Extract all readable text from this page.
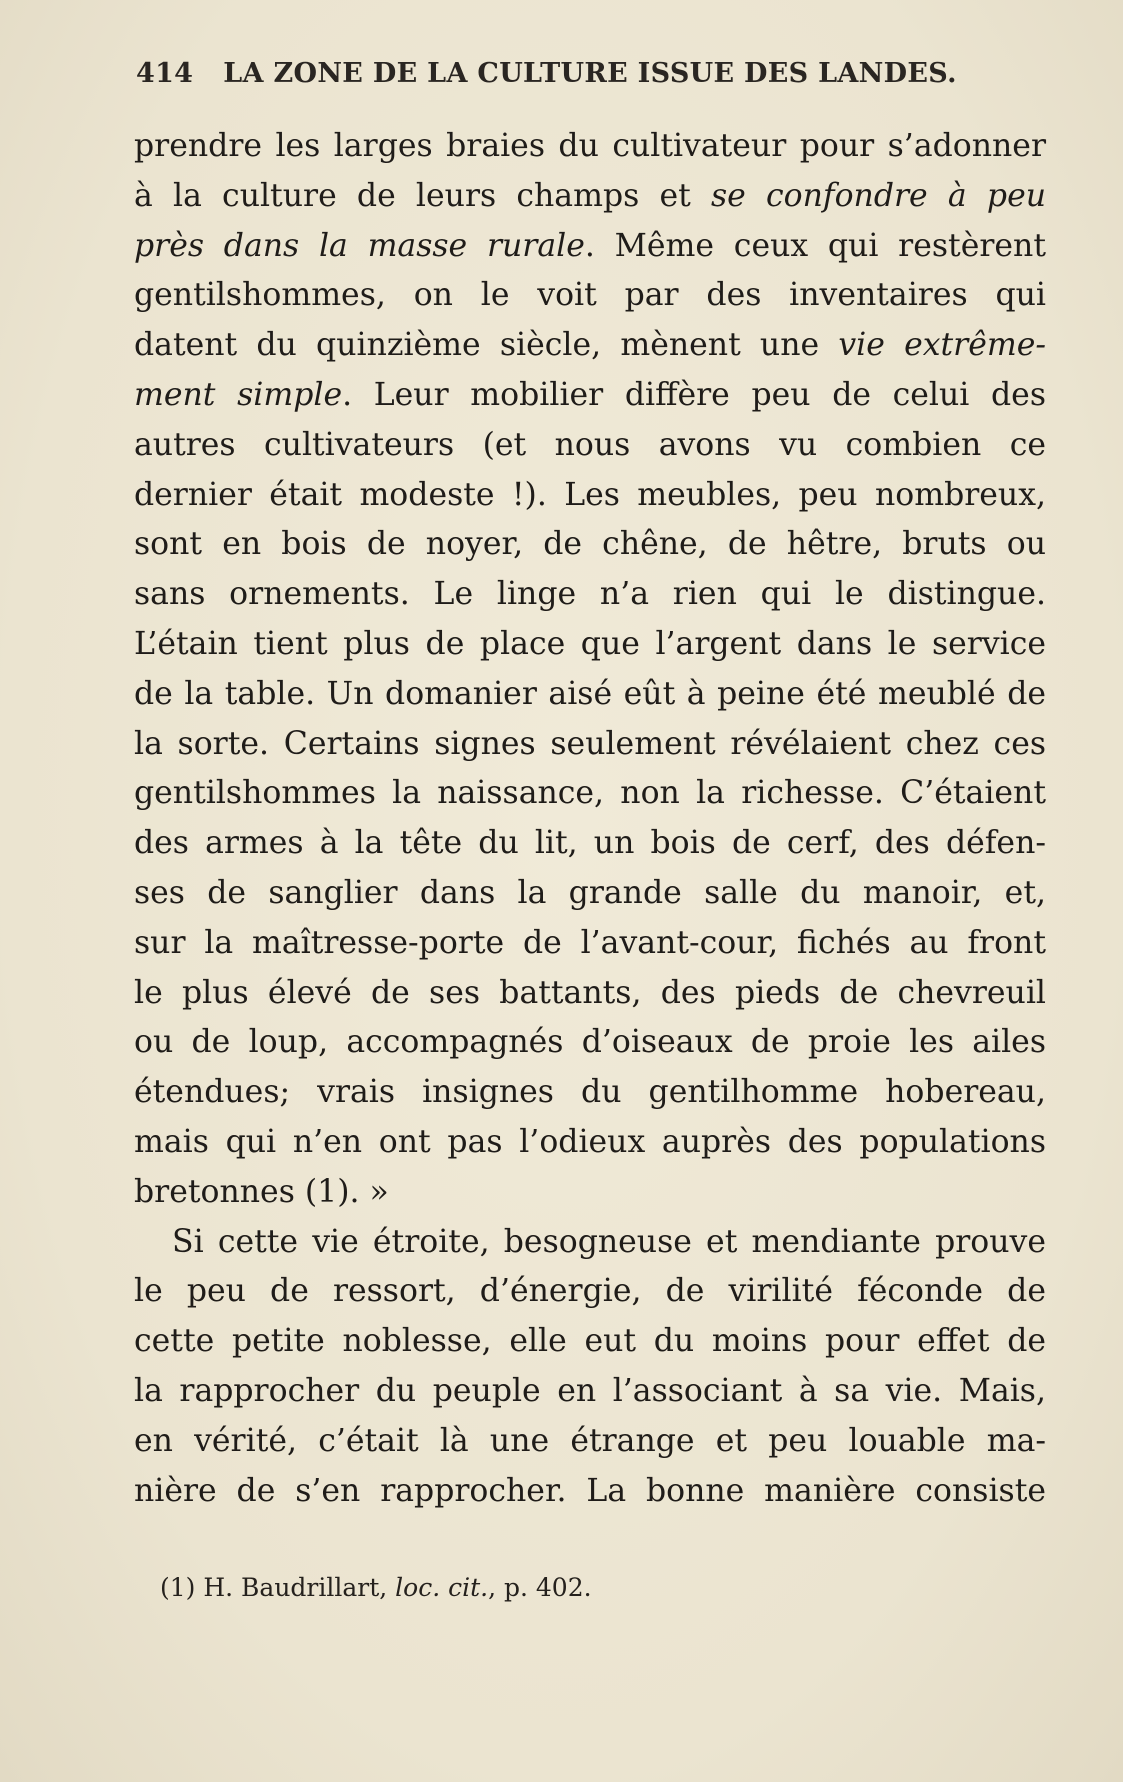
414 LA ZONE DE LA CULTURE ISSUE DES LANDES.
prendre les larges braies du cultivateur pour s’adonner
à la culture de leurs champs et se confondre à peu
près dans la masse rurale. Même ceux qui restèrent
gentilshommes, on le voit par des inventaires qui
datent du quinzième siècle, mènent une vie extrême-
ment simple. Leur mobilier diffère peu de celui des
autres cultivateurs (et nous avons vu combien ce
dernier était modeste !). Les meubles, peu nombreux,
sont en bois de noyer, de chêne, de hêtre, bruts ou
sans ornements. Le linge n’a rien qui le distingue.
L’étain tient plus de place que l’argent dans le service
de la table. Un domanier aisé eût à peine été meublé de
la sorte. Certains signes seulement révélaient chez ces
gentilshommes la naissance, non la richesse. C’étaient
des armes à la tête du lit, un bois de cerf, des défen-
ses de sanglier dans la grande salle du manoir, et,
sur la maîtresse-porte de l’avant-cour, fichés au front
le plus élevé de ses battants, des pieds de chevreuil
ou de loup, accompagnés d’oiseaux de proie les ailes
étendues; vrais insignes du gentilhomme hobereau,
mais qui n’en ont pas l’odieux auprès des populations
bretonnes (1). »
Si cette vie étroite, besogneuse et mendiante prouve
le peu de ressort, d’énergie, de virilité féconde de
cette petite noblesse, elle eut du moins pour effet de
la rapprocher du peuple en l’associant à sa vie. Mais,
en vérité, c’était là une étrange et peu louable ma-
nière de s’en rapprocher. La bonne manière consiste
(1) H. Baudrillart, loc. cit., p. 402.
